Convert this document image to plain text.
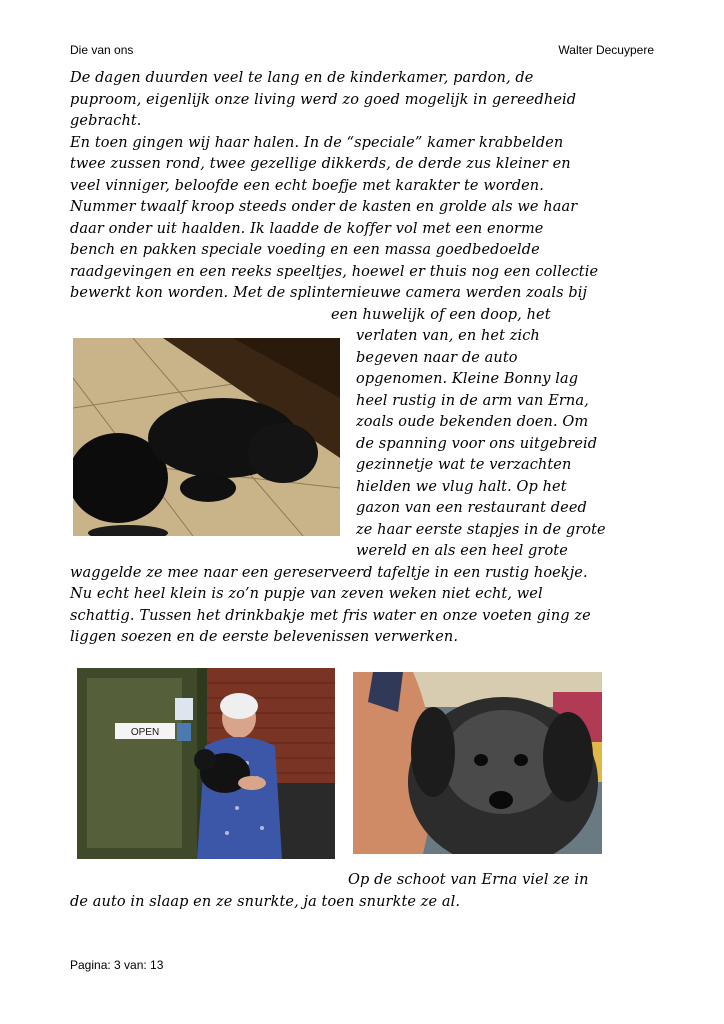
Die van ons	Walter Decuypere
De dagen duurden veel te lang en de kinderkamer, pardon, de
puproom, eigenlijk onze living werd zo goed mogelijk in gereedheid
gebracht.
En toen gingen wij haar halen. In de “speciale” kamer krabbelden
twee zussen rond, twee gezellige dikkerds, de derde zus kleiner en
veel vinniger, beloofde een echt boefje met karakter te worden.
Nummer twaalf kroop steeds onder de kasten en grolde als we haar
daar onder uit haalden. Ik laadde de koffer vol met een enorme
bench en pakken speciale voeding en een massa goedbedoelde
raadgevingen en een reeks speeltjes, hoewel er thuis nog een collectie
bewerkt kon worden. Met de splinternieuwe camera werden zoals bij
een huwelijk of een doop, het
verlaten van, en het zich
begeven naar de auto
opgenomen. Kleine Bonny lag
heel rustig in de arm van Erna,
zoals oude bekenden doen. Om
de spanning voor ons uitgebreid
gezinnetje wat te verzachten
hielden we vlug halt. Op het
gazon van een restaurant deed
ze haar eerste stapjes in de grote
wereld en als een heel grote
waggelde ze mee naar een gereserveerd tafeltje in een rustig hoekje.
Nu echt heel klein is zo’n pupje van zeven weken niet echt, wel
schattig. Tussen het drinkbakje met fris water en onze voeten ging ze
liggen soezen en de eerste belevenissen verwerken.
OPEN
Op de schoot van Erna viel ze in
de auto in slaap en ze snurkte, ja toen snurkte ze al.
Pagina: 3 van: 13
